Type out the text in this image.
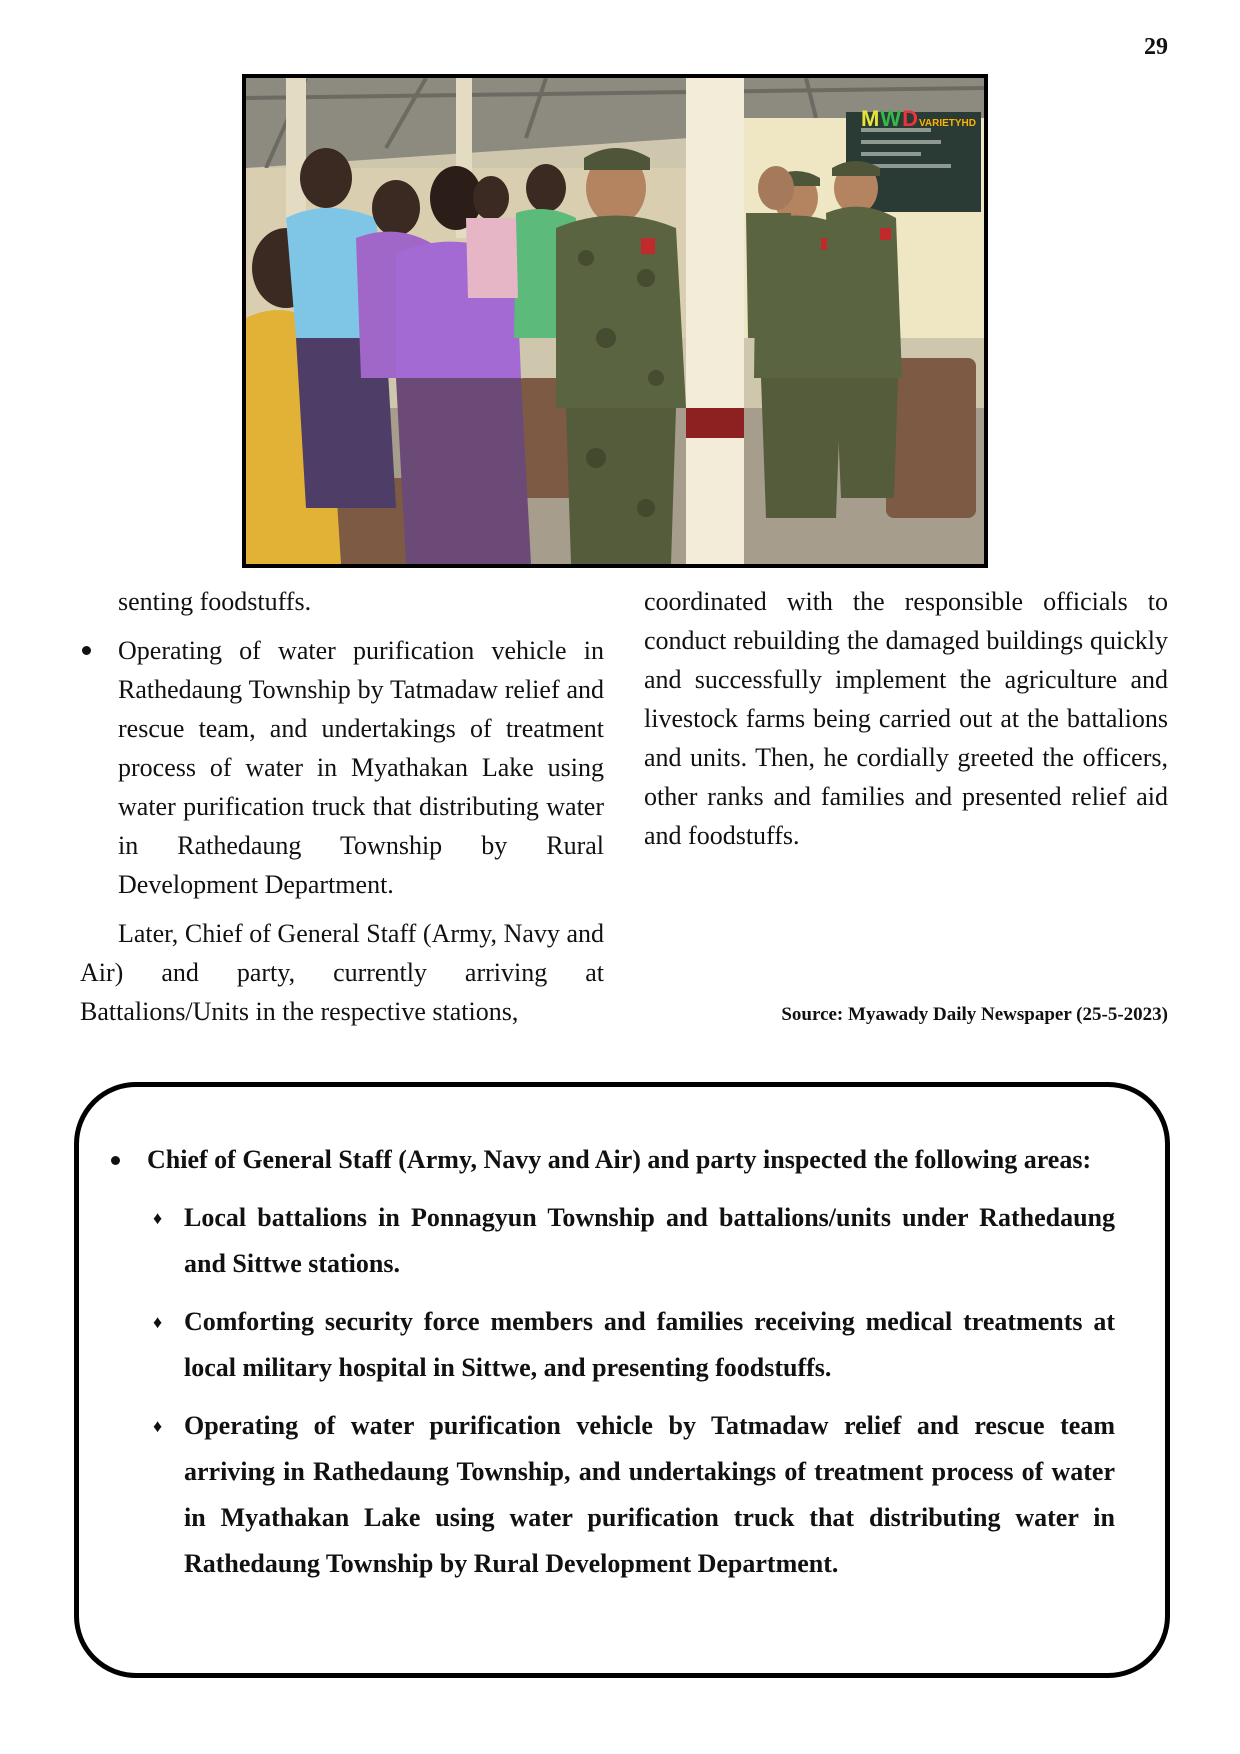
29
MWDVARIETYHD

senting foodstuffs.

Operating of water purification vehicle in Rathedaung Township by Tatmadaw relief and rescue team, and undertakings of treatment process of water in Myathakan Lake using water purification truck that distributing water in Rathedaung Township by Rural Development Department.

Later, Chief of General Staff (Army, Navy and Air) and party, currently arriving at Battalions/Units in the respective stations,

coordinated with the responsible officials to conduct rebuilding the damaged buildings quickly and successfully implement the agriculture and livestock farms being carried out at the battalions and units. Then, he cordially greeted the officers, other ranks and families and presented relief aid and foodstuffs.

Source: Myawady Daily Newspaper (25-5-2023)
Chief of General Staff (Army, Navy and Air) and party inspected the following areas:
♦ Local battalions in Ponnagyun Township and battalions/units under Rathedaung and Sittwe stations.
♦ Comforting security force members and families receiving medical treatments at local military hospital in Sittwe, and presenting foodstuffs.
♦ Operating of water purification vehicle by Tatmadaw relief and rescue team arriving in Rathedaung Township, and undertakings of treatment process of water in Myathakan Lake using water purification truck that distributing water in Rathedaung Township by Rural Development Department.
